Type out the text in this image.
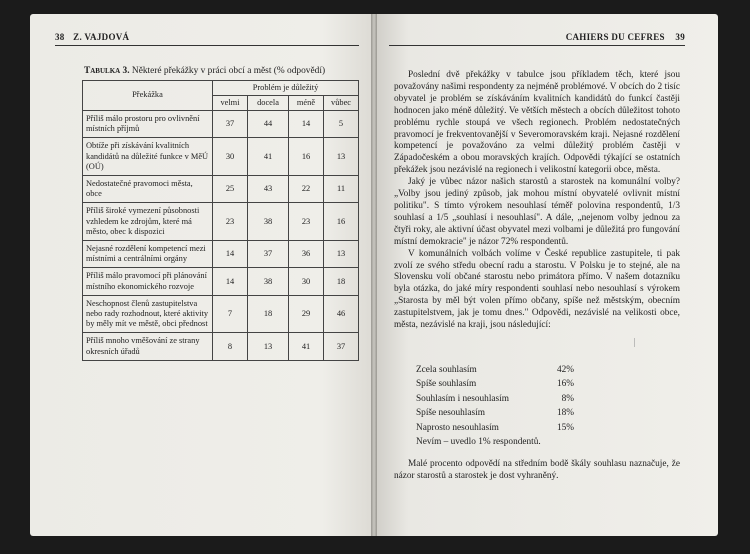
38 Z. VAJDOVÁ
Tabulka 3. Některé překážky v práci obcí a měst (% odpovědí)
Překážka	Problém je důležitý			
	velmi	docela	méně	vůbec
Příliš málo prostoru pro ovlivnění místních příjmů	37	44	14	5
Obtíže při získávání kvalitních kandidátů na důležité funkce v MěÚ (OÚ)	30	41	16	13
Nedostatečné pravomoci města, obce	25	43	22	11
Příliš široké vymezení působnosti vzhledem ke zdrojům, které má město, obec k dispozici	23	38	23	16
Nejasné rozdělení kompetencí mezi místními a centrálními orgány	14	37	36	13
Příliš málo pravomocí při plánování místního ekonomického rozvoje	14	38	30	18
Neschopnost členů zastupitelstva nebo rady rozhodnout, které aktivity by měly mít ve městě, obci přednost	7	18	29	46
Příliš mnoho vměšování ze strany okresních úřadů	8	13	41	37
CAHIERS DU CEFRES 39

Poslední dvě překážky v tabulce jsou příkladem těch, které jsou považovány našimi respondenty za nejméně problémové. V obcích do 2 tisíc obyvatel je problém se získáváním kvalitních kandidátů do funkcí častěji hodnocen jako méně důležitý. Ve větších městech a obcích důležitost tohoto problému rychle stoupá ve všech regionech. Problém nedostatečných pravomocí je frekventovanější v Severomoravském kraji. Nejasné rozdělení kompetencí je považováno za velmi důležitý problém častěji v Západočeském a obou moravských krajích. Odpovědi týkající se ostatních překážek jsou nezávislé na regionech i velikostní kategorii obce, města.

Jaký je vůbec názor našich starostů a starostek na komunální volby? „Volby jsou jediný způsob, jak mohou místní obyvatelé ovlivnit místní politiku". S tímto výrokem nesouhlasí téměř polovina respondentů, 1/3 souhlasí a 1/5 „souhlasí i nesouhlasí". A dále, „nejenom volby jednou za čtyři roky, ale aktivní účast obyvatel mezi volbami je důležitá pro fungování místní demokracie" je názor 72% respondentů.

V komunálních volbách volíme v České republice zastupitele, ti pak zvolí ze svého středu obecní radu a starostu. V Polsku je to stejné, ale na Slovensku volí občané starostu nebo primátora přímo. V našem dotazníku byla otázka, do jaké míry respondenti souhlasí nebo nesouhlasí s výrokem „Starosta by měl být volen přímo občany, spíše než městským, obecním zastupitelstvem, jak je tomu dnes." Odpovědi, nezávislé na velikosti obce, města, nezávislé na kraji, jsou následující:

Zcela souhlasím	42%
Spíše souhlasím	16%
Souhlasím i nesouhlasím	8%
Spíše nesouhlasím	18%
Naprosto nesouhlasím	15%
Nevím – uvedlo 1% respondentů.

Malé procento odpovědí na středním bodě škály souhlasu naznačuje, že názor starostů a starostek je dost vyhraněný.
